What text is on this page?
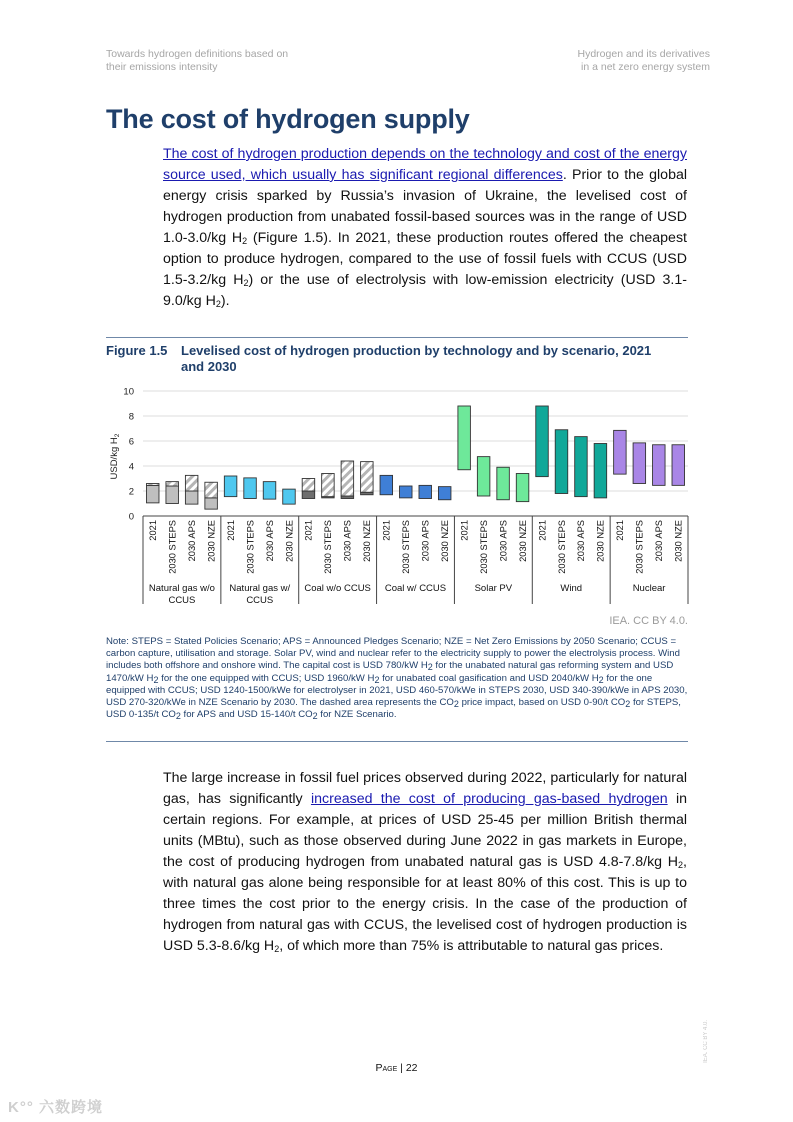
Towards hydrogen definitions based on
their emissions intensity
Hydrogen and its derivatives
in a net zero energy system
The cost of hydrogen supply

The cost of hydrogen production depends on the technology and cost of the energy source used, which usually has significant regional differences. Prior to the global energy crisis sparked by Russia’s invasion of Ukraine, the levelised cost of hydrogen production from unabated fossil-based sources was in the range of USD 1.0-3.0/kg $H_2$ (Figure 1.5). In 2021, these production routes offered the cheapest option to produce hydrogen, compared to the use of fossil fuels with CCUS (USD 1.5-3.2/kg $H_2$) or the use of electrolysis with low-emission electricity (USD 3.1-9.0/kg $H_2$).

Figure 1.5 Levelised cost of hydrogen production by technology and by scenario, 2021 and 2030
0
2
4
6
8
10
USD/kg $H_2$
2021 2030 STEPS 2030 APS 2030 NZE
Natural gas w/o
CCUS
2021 2030 STEPS 2030 APS 2030 NZE
Natural gas w/
CCUS
2021 2030 STEPS 2030 APS 2030 NZE
Coal w/o CCUS
2021 2030 STEPS 2030 APS 2030 NZE
Coal w/ CCUS
2021 2030 STEPS 2030 APS 2030 NZE
Solar PV
2021 2030 STEPS 2030 APS 2030 NZE
Wind
2021 2030 STEPS 2030 APS 2030 NZE
Nuclear
IEA. CC BY 4.0.

Note: STEPS = Stated Policies Scenario; APS = Announced Pledges Scenario; NZE = Net Zero Emissions by 2050 Scenario; CCUS = carbon capture, utilisation and storage. Solar PV, wind and nuclear refer to the electricity supply to power the electrolysis process. Wind includes both offshore and onshore wind. The capital cost is USD 780/kW $H_2$ for the unabated natural gas reforming system and USD 1470/kW $H_2$ for the one equipped with CCUS; USD 1960/kW $H_2$ for unabated coal gasification and USD 2040/kW $H_2$ for the one equipped with CCUS; USD 1240-1500/kWe for electrolyser in 2021, USD 460-570/kWe in STEPS 2030, USD 340-390/kWe in APS 2030, USD 270-320/kWe in NZE Scenario by 2030. The dashed area represents the $CO_2$ price impact, based on USD 0-90/t $CO_2$ for STEPS, USD 0-135/t $CO_2$ for APS and USD 15-140/t $CO_2$ for NZE Scenario.

The large increase in fossil fuel prices observed during 2022, particularly for natural gas, has significantly increased the cost of producing gas-based hydrogen in certain regions. For example, at prices of USD 25-45 per million British thermal units (MBtu), such as those observed during June 2022 in gas markets in Europe, the cost of producing hydrogen from unabated natural gas is USD 4.8-7.8/kg $H_2$, with natural gas alone being responsible for at least 80% of this cost. This is up to three times the cost prior to the energy crisis. In the case of the production of hydrogen from natural gas with CCUS, the levelised cost of hydrogen production is USD 5.3-8.6/kg $H_2$, of which more than 75% is attributable to natural gas prices.

Page | 22
IEA. CC BY 4.0.
K°° 六数跨境
